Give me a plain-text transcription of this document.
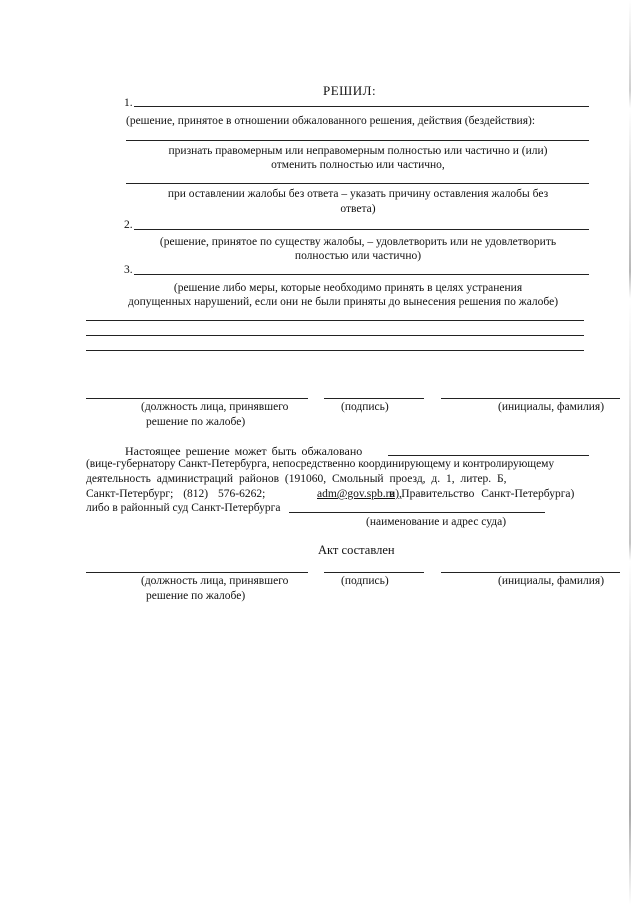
РЕШИЛ:
1.
(решение, принятое в отношении обжалованного решения, действия (бездействия):
признать правомерным или неправомерным полностью или частично и (или)
отменить полностью или частично,
при оставлении жалобы без ответа – указать причину оставления жалобы без
ответа)
2.
(решение, принятое по существу жалобы, – удовлетворить или не удовлетворить
полностью или частично)
3.
(решение либо меры, которые необходимо принять в целях устранения
допущенных нарушений, если они не были приняты до вынесения решения по жалобе)
(должность лица, принявшего
решение по жалобе)
(подпись)	(инициалы, фамилия)
Настоящее решение может быть обжаловано
(вице-губернатору Санкт-Петербурга, непосредственно координирующему и контролирующему
деятельность администраций районов (191060, Смольный проезд, д. 1, литер. Б,
Санкт-Петербург; (812) 576-6262;	adm@gov.spb.ru),
в Правительство Санкт-Петербурга)
либо в районный суд Санкт-Петербурга
(наименование и адрес суда)
Акт составлен
(должность лица, принявшего
решение по жалобе)
(подпись)	(инициалы, фамилия)
